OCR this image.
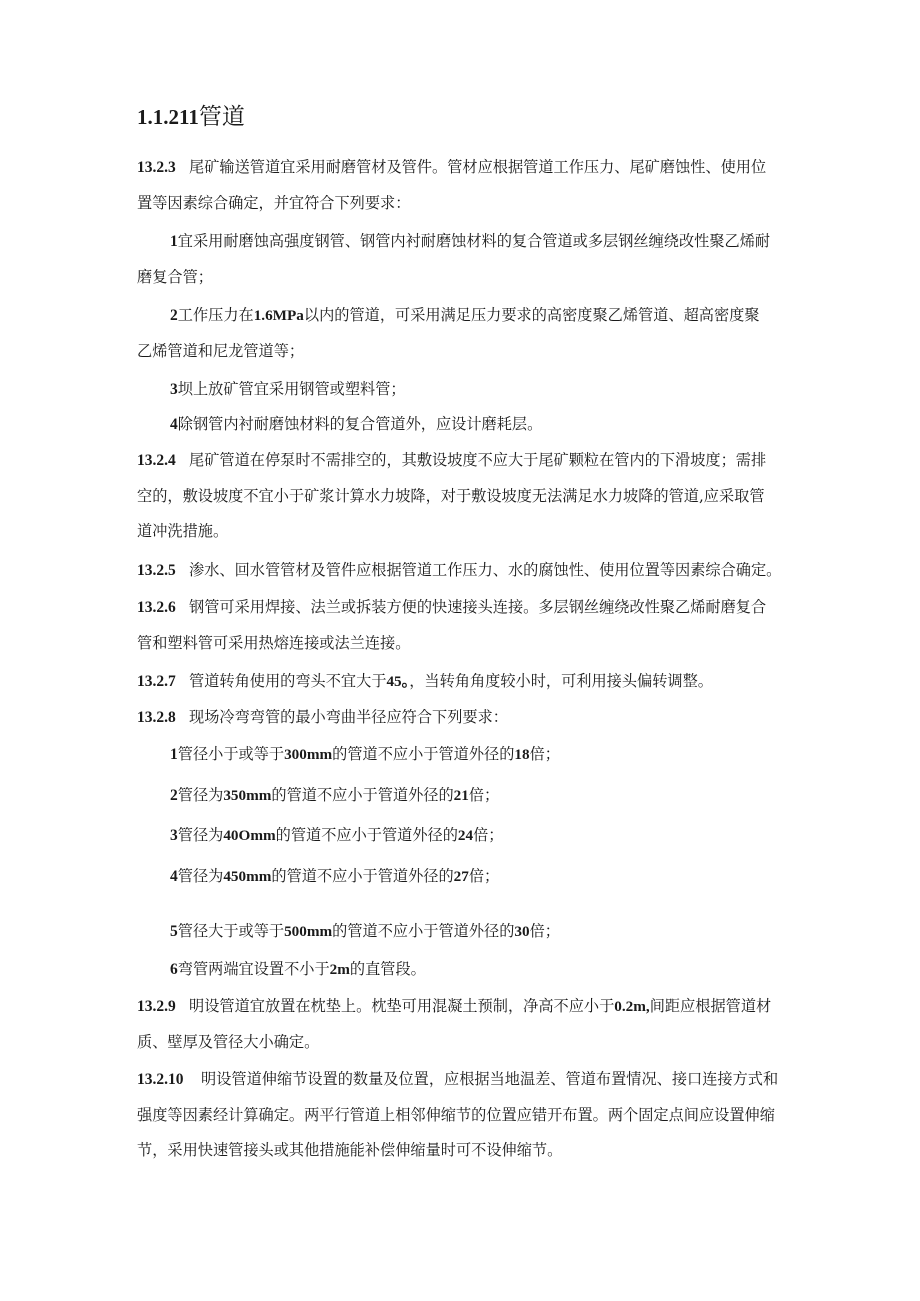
1.1.211管道
13.2.3 尾矿输送管道宜采用耐磨管材及管件。管材应根据管道工作压力、尾矿磨蚀性、使用位
置等因素综合确定，并宜符合下列要求：
1宜采用耐磨蚀高强度钢管、钢管内衬耐磨蚀材料的复合管道或多层钢丝缠绕改性聚乙烯耐

磨复合管；
2工作压力在1.6MPa以内的管道，可采用满足压力要求的高密度聚乙烯管道、超高密度聚

乙烯管道和尼龙管道等；
3坝上放矿管宜采用钢管或塑料管；
4除钢管内衬耐磨蚀材料的复合管道外，应设计磨耗层。
13.2.4 尾矿管道在停泵时不需排空的，其敷设坡度不应大于尾矿颗粒在管内的下滑坡度；需排
空的，敷设坡度不宜小于矿浆计算水力坡降，对于敷设坡度无法满足水力坡降的管道,应采取管
道冲洗措施。
13.2.5 渗水、回水管管材及管件应根据管道工作压力、水的腐蚀性、使用位置等因素综合确定。
13.2.6 钢管可采用焊接、法兰或拆装方便的快速接头连接。多层钢丝缠绕改性聚乙烯耐磨复合
管和塑料管可采用热熔连接或法兰连接。
13.2.7 管道转角使用的弯头不宜大于45。，当转角角度较小时，可利用接头偏转调整。
13.2.8 现场冷弯弯管的最小弯曲半径应符合下列要求：
1管径小于或等于300mm的管道不应小于管道外径的18倍；
2管径为350mm的管道不应小于管道外径的21倍；
3管径为40Omm的管道不应小于管道外径的24倍；
4管径为450mm的管道不应小于管道外径的27倍；
5管径大于或等于500mm的管道不应小于管道外径的30倍；
6弯管两端宜设置不小于2m的直管段。
13.2.9 明设管道宜放置在枕垫上。枕垫可用混凝土预制，净高不应小于0.2m,间距应根据管道材
质、壁厚及管径大小确定。
13.2.10 明设管道伸缩节设置的数量及位置，应根据当地温差、管道布置情况、接口连接方式和
强度等因素经计算确定。两平行管道上相邻伸缩节的位置应错开布置。两个固定点间应设置伸缩
节，采用快速管接头或其他措施能补偿伸缩量时可不设伸缩节。
